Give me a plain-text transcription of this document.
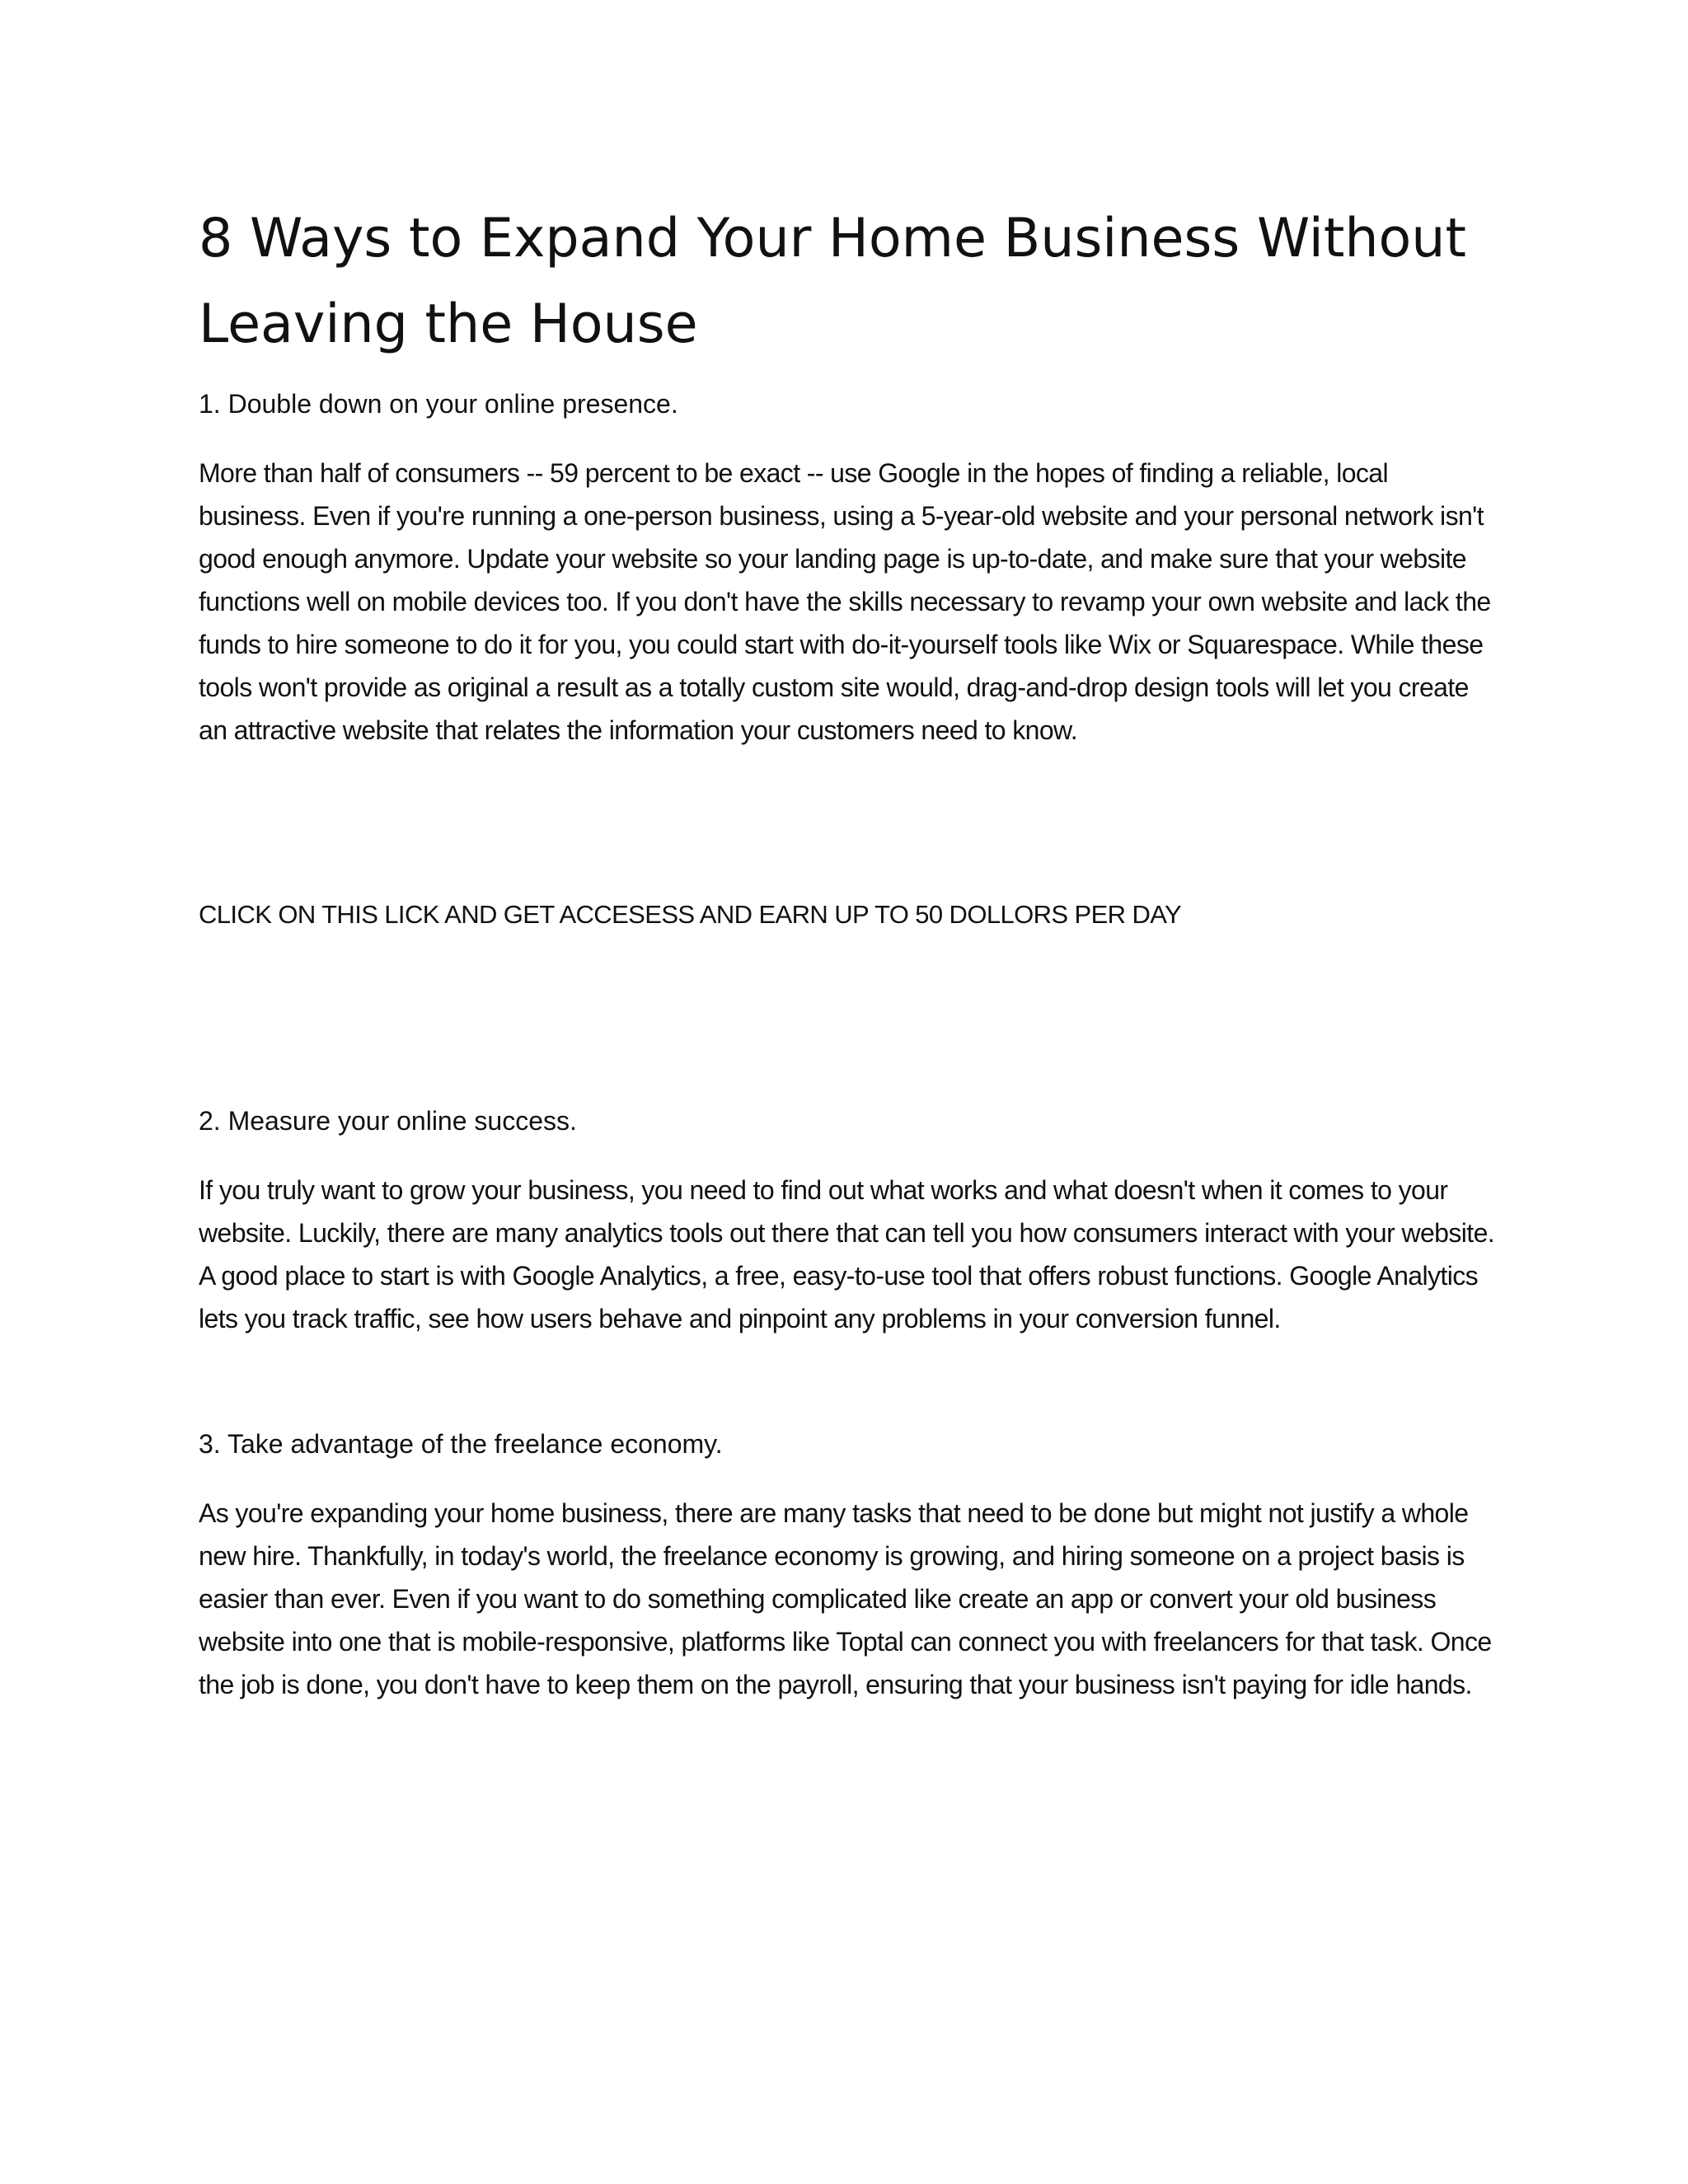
8 Ways to Expand Your Home Business Without Leaving the House

1. Double down on your online presence.

More than half of consumers -- 59 percent to be exact -- use Google in the hopes of finding a reliable, local business. Even if you're running a one-person business, using a 5-year-old website and your personal network isn't good enough anymore. Update your website so your landing page is up-to-date, and make sure that your website functions well on mobile devices too. If you don't have the skills necessary to revamp your own website and lack the funds to hire someone to do it for you, you could start with do-it-yourself tools like Wix or Squarespace. While these tools won't provide as original a result as a totally custom site would, drag-and-drop design tools will let you create an attractive website that relates the information your customers need to know.

CLICK ON THIS LICK AND GET ACCESESS AND EARN UP TO 50 DOLLORS PER DAY

2. Measure your online success.

If you truly want to grow your business, you need to find out what works and what doesn't when it comes to your website. Luckily, there are many analytics tools out there that can tell you how consumers interact with your website. A good place to start is with Google Analytics, a free, easy-to-use tool that offers robust functions. Google Analytics lets you track traffic, see how users behave and pinpoint any problems in your conversion funnel.

3. Take advantage of the freelance economy.

As you're expanding your home business, there are many tasks that need to be done but might not justify a whole new hire. Thankfully, in today's world, the freelance economy is growing, and hiring someone on a project basis is easier than ever. Even if you want to do something complicated like create an app or convert your old business website into one that is mobile-responsive, platforms like Toptal can connect you with freelancers for that task. Once the job is done, you don't have to keep them on the payroll, ensuring that your business isn't paying for idle hands.
